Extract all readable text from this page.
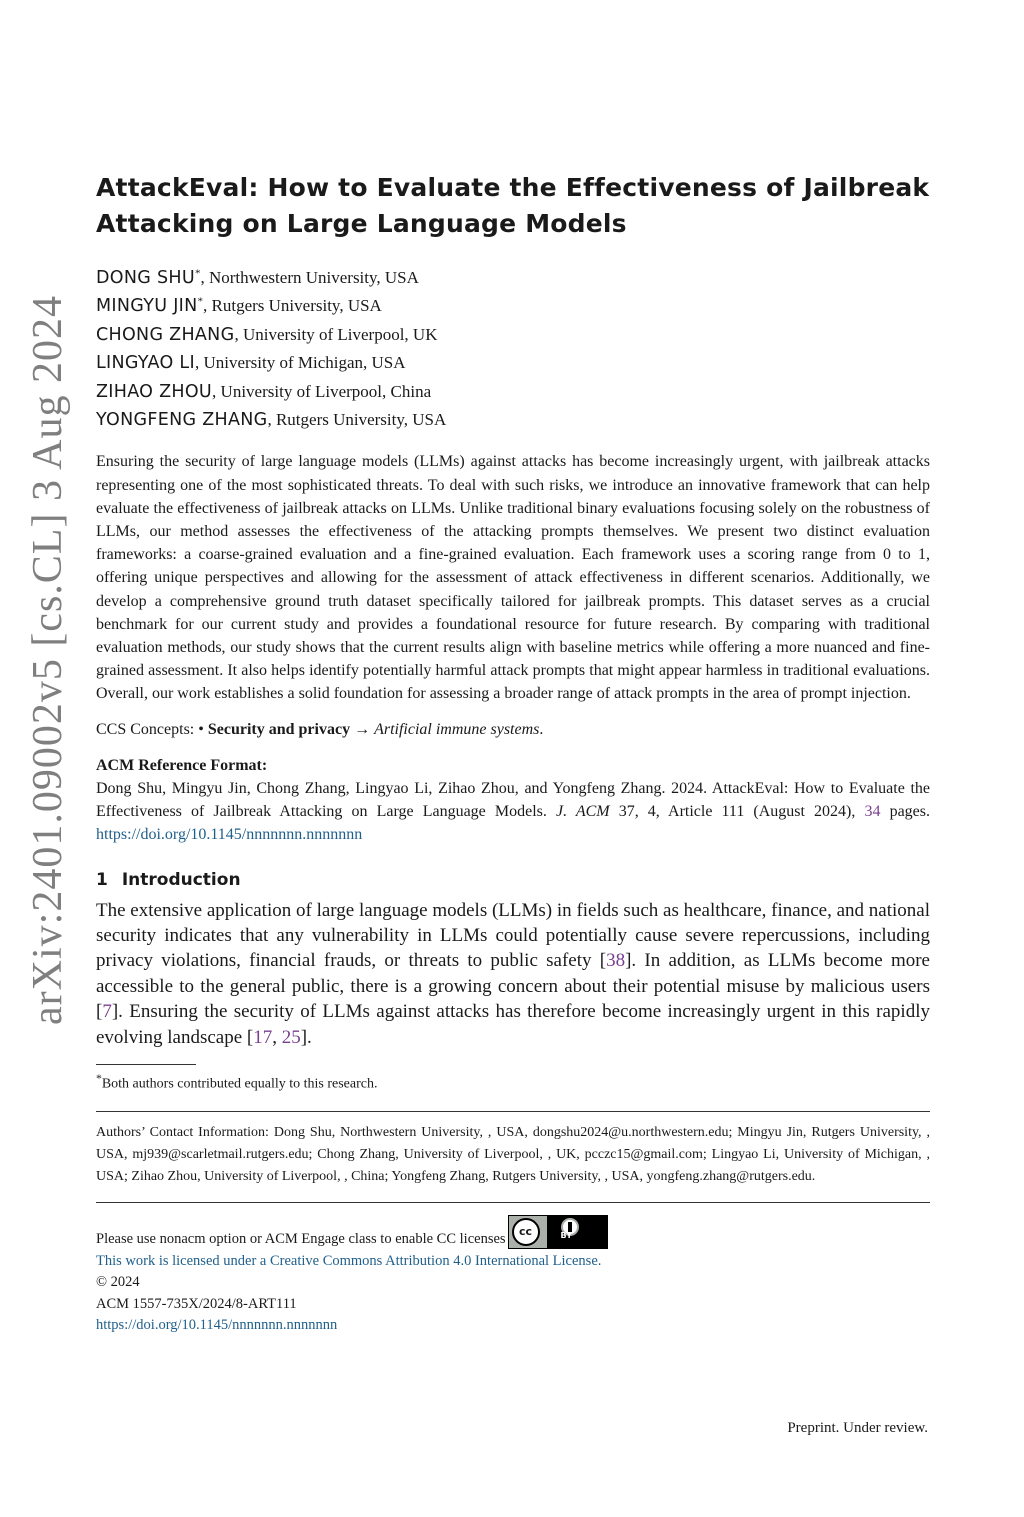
arXiv:2401.09002v5 [cs.CL] 3 Aug 2024
AttackEval: How to Evaluate the Effectiveness of Jailbreak
Attacking on Large Language Models
DONG SHU*, Northwestern University, USA
MINGYU JIN*, Rutgers University, USA
CHONG ZHANG, University of Liverpool, UK
LINGYAO LI, University of Michigan, USA
ZIHAO ZHOU, University of Liverpool, China
YONGFENG ZHANG, Rutgers University, USA
Ensuring the security of large language models (LLMs) against attacks has become increasingly urgent, with jailbreak attacks representing one of the most sophisticated threats. To deal with such risks, we introduce an innovative framework that can help evaluate the effectiveness of jailbreak attacks on LLMs. Unlike traditional binary evaluations focusing solely on the robustness of LLMs, our method assesses the effectiveness of the attacking prompts themselves. We present two distinct evaluation frameworks: a coarse-grained evaluation and a fine-grained evaluation. Each framework uses a scoring range from 0 to 1, offering unique perspectives and allowing for the assessment of attack effectiveness in different scenarios. Additionally, we develop a comprehensive ground truth dataset specifically tailored for jailbreak prompts. This dataset serves as a crucial benchmark for our current study and provides a foundational resource for future research. By comparing with traditional evaluation methods, our study shows that the current results align with baseline metrics while offering a more nuanced and fine-grained assessment. It also helps identify potentially harmful attack prompts that might appear harmless in traditional evaluations. Overall, our work establishes a solid foundation for assessing a broader range of attack prompts in the area of prompt injection.
CCS Concepts: • Security and privacy → Artificial immune systems.
ACM Reference Format:
Dong Shu, Mingyu Jin, Chong Zhang, Lingyao Li, Zihao Zhou, and Yongfeng Zhang. 2024. AttackEval: How to Evaluate the Effectiveness of Jailbreak Attacking on Large Language Models. J. ACM 37, 4, Article 111 (August 2024), 34 pages. https://doi.org/10.1145/nnnnnnn.nnnnnnn
1 Introduction
The extensive application of large language models (LLMs) in fields such as healthcare, finance, and national security indicates that any vulnerability in LLMs could potentially cause severe repercussions, including privacy violations, financial frauds, or threats to public safety [38]. In addition, as LLMs become more accessible to the general public, there is a growing concern about their potential misuse by malicious users [7]. Ensuring the security of LLMs against attacks has therefore become increasingly urgent in this rapidly evolving landscape [17, 25].
*Both authors contributed equally to this research.
Authors’ Contact Information: Dong Shu, Northwestern University, , USA, dongshu2024@u.northwestern.edu; Mingyu Jin, Rutgers University, , USA, mj939@scarletmail.rutgers.edu; Chong Zhang, University of Liverpool, , UK, pcczc15@gmail.com; Lingyao Li, University of Michigan, , USA; Zihao Zhou, University of Liverpool, , China; Yongfeng Zhang, Rutgers University, , USA, yongfeng.zhang@rutgers.edu.
Please use nonacm option or ACM Engage class to enable CC licenses	cc	BY
This work is licensed under a Creative Commons Attribution 4.0 International License.
© 2024
ACM 1557-735X/2024/8-ART111
https://doi.org/10.1145/nnnnnnn.nnnnnnn
Preprint. Under review.
